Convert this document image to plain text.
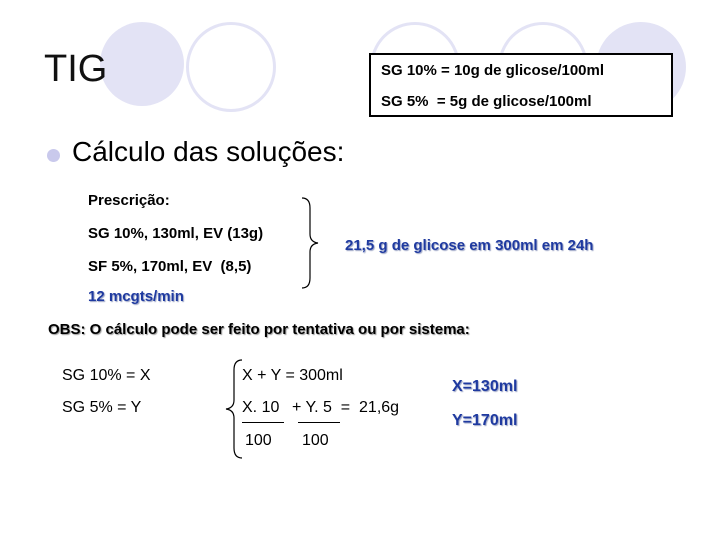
TIG	SG 10% = 10g de glicose/100ml
SG 5%  = 5g de glicose/100ml
Cálculo das soluções:
Prescrição:
SG 10%, 130ml, EV (13g)
SF 5%, 170ml, EV  (8,5)
21,5 g de glicose em 300ml em 24h
12 mcgts/min
OBS: O cálculo pode ser feito por tentativa ou por sistema:
SG 10% = X
SG 5% = Y
X + Y = 300ml
X. 10 + Y. 5  =  21,6g
100 100
X=130ml
Y=170ml
